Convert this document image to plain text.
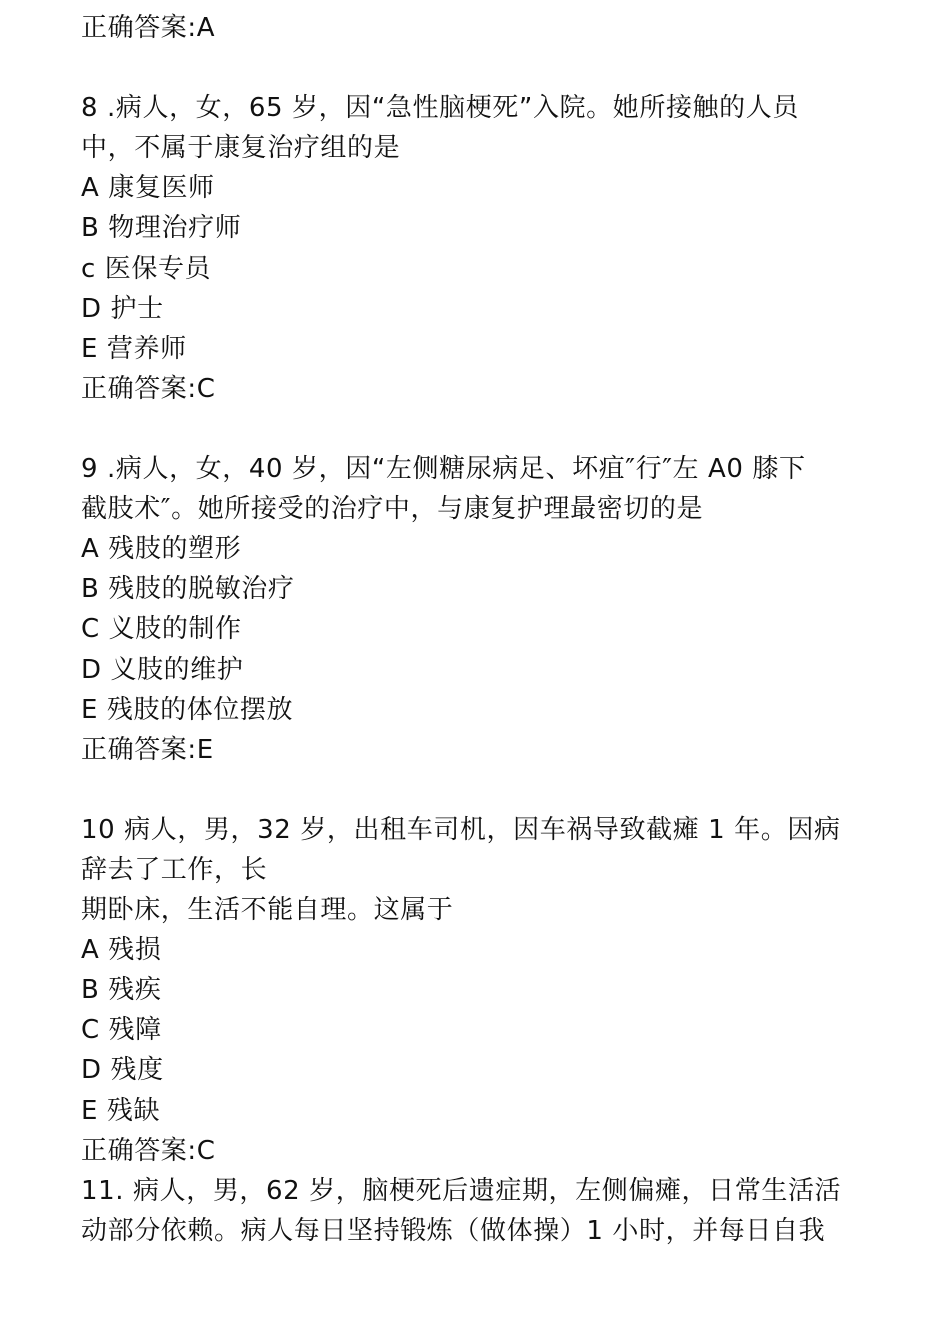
正确答案:A
8 .病人，女，65 岁，因“急性脑梗死”入院。她所接触的人员
中，不属于康复治疗组的是
A 康复医师
B 物理治疗师
c 医保专员
D 护士
E 营养师
正确答案:C
9 .病人，女，40 岁，因“左侧糖尿病足、坏疽″行″左 A0 膝下
截肢术″。她所接受的治疗中，与康复护理最密切的是
A 残肢的塑形
B 残肢的脱敏治疗
C 义肢的制作
D 义肢的维护
E 残肢的体位摆放
正确答案:E
10 病人，男，32 岁，出租车司机，因车祸导致截瘫 1 年。因病
辞去了工作，长
期卧床，生活不能自理。这属于
A 残损
B 残疾
C 残障
D 残度
E 残缺
正确答案:C
11. 病人，男，62 岁，脑梗死后遗症期，左侧偏瘫，日常生活活
动部分依赖。病人每日坚持锻炼（做体操）1 小时，并每日自我
